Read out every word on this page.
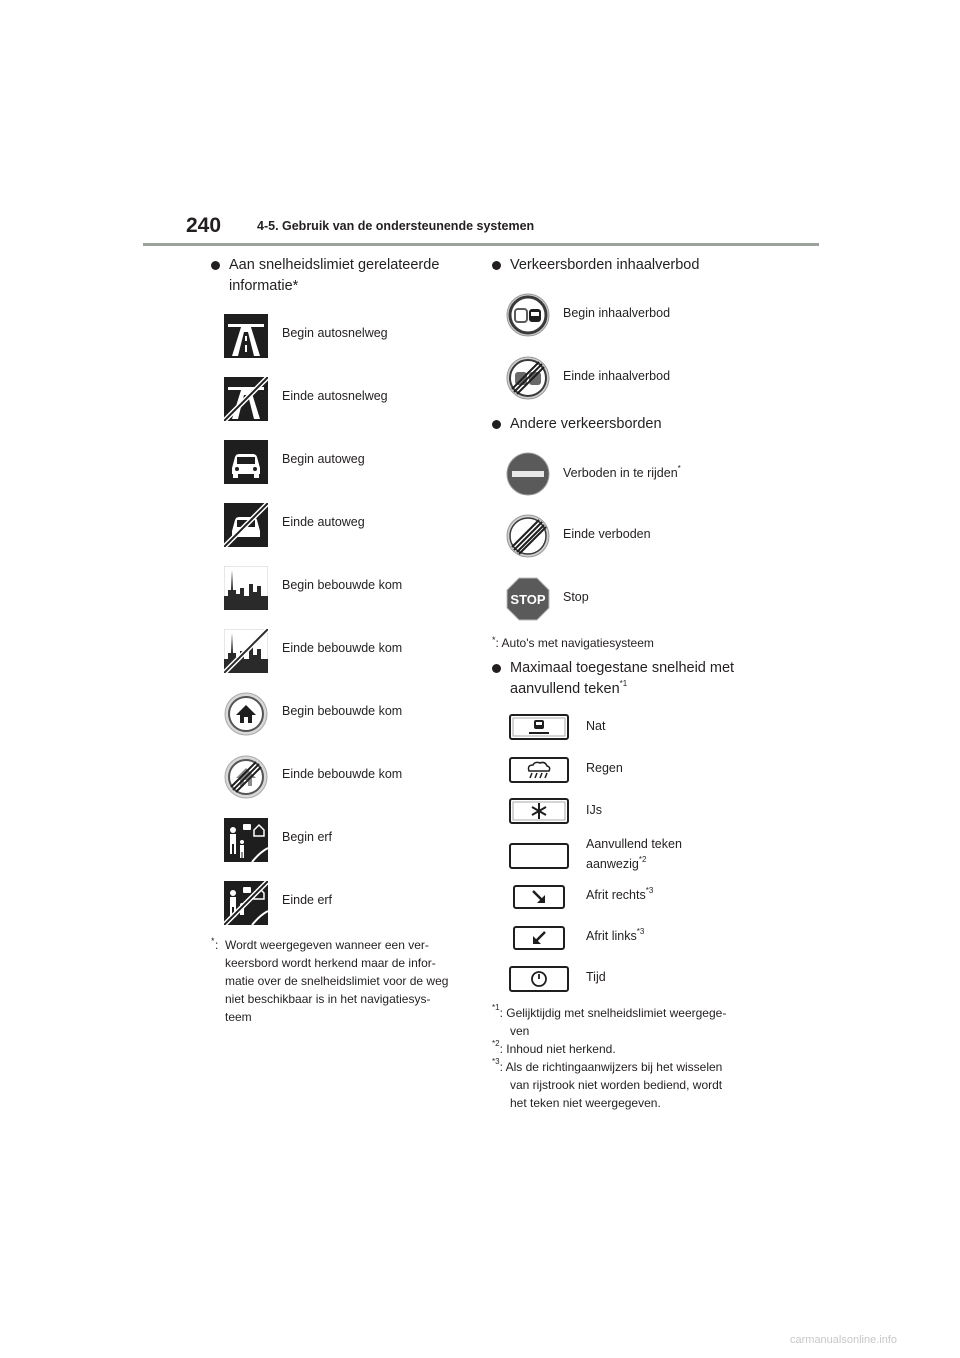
240	4-5. Gebruik van de ondersteunende systemen
Aan snelheidslimiet gerelateerde
informatie*
Begin autosnelweg
Einde autosnelweg
Begin autoweg
Einde autoweg
Begin bebouwde kom
Einde bebouwde kom
Begin bebouwde kom
Einde bebouwde kom
Begin erf
Einde erf
* : Wordt weergegeven wanneer een ver-
keersbord wordt herkend maar de infor-
matie over de snelheidslimiet voor de weg
niet beschikbaar is in het navigatiesys-
teem
Verkeersborden inhaalverbod
Begin inhaalverbod
Einde inhaalverbod
Andere verkeersborden
Verboden in te rijden*
Einde verboden
STOP Stop
*: Auto's met navigatiesysteem
Maximaal toegestane snelheid met
aanvullend teken$^{*1}$
Nat
Regen
IJs
Aanvullend teken
aanwezig$^{*2}$
Afrit rechts$^{*3}$
Afrit links$^{*3}$
Tijd
$^{*1}$: Gelijktijdig met snelheidslimiet weergege-
ven
$^{*2}$: Inhoud niet herkend.
$^{*3}$: Als de richtingaanwijzers bij het wisselen
van rijstrook niet worden bediend, wordt
het teken niet weergegeven.
carmanualsonline.info
